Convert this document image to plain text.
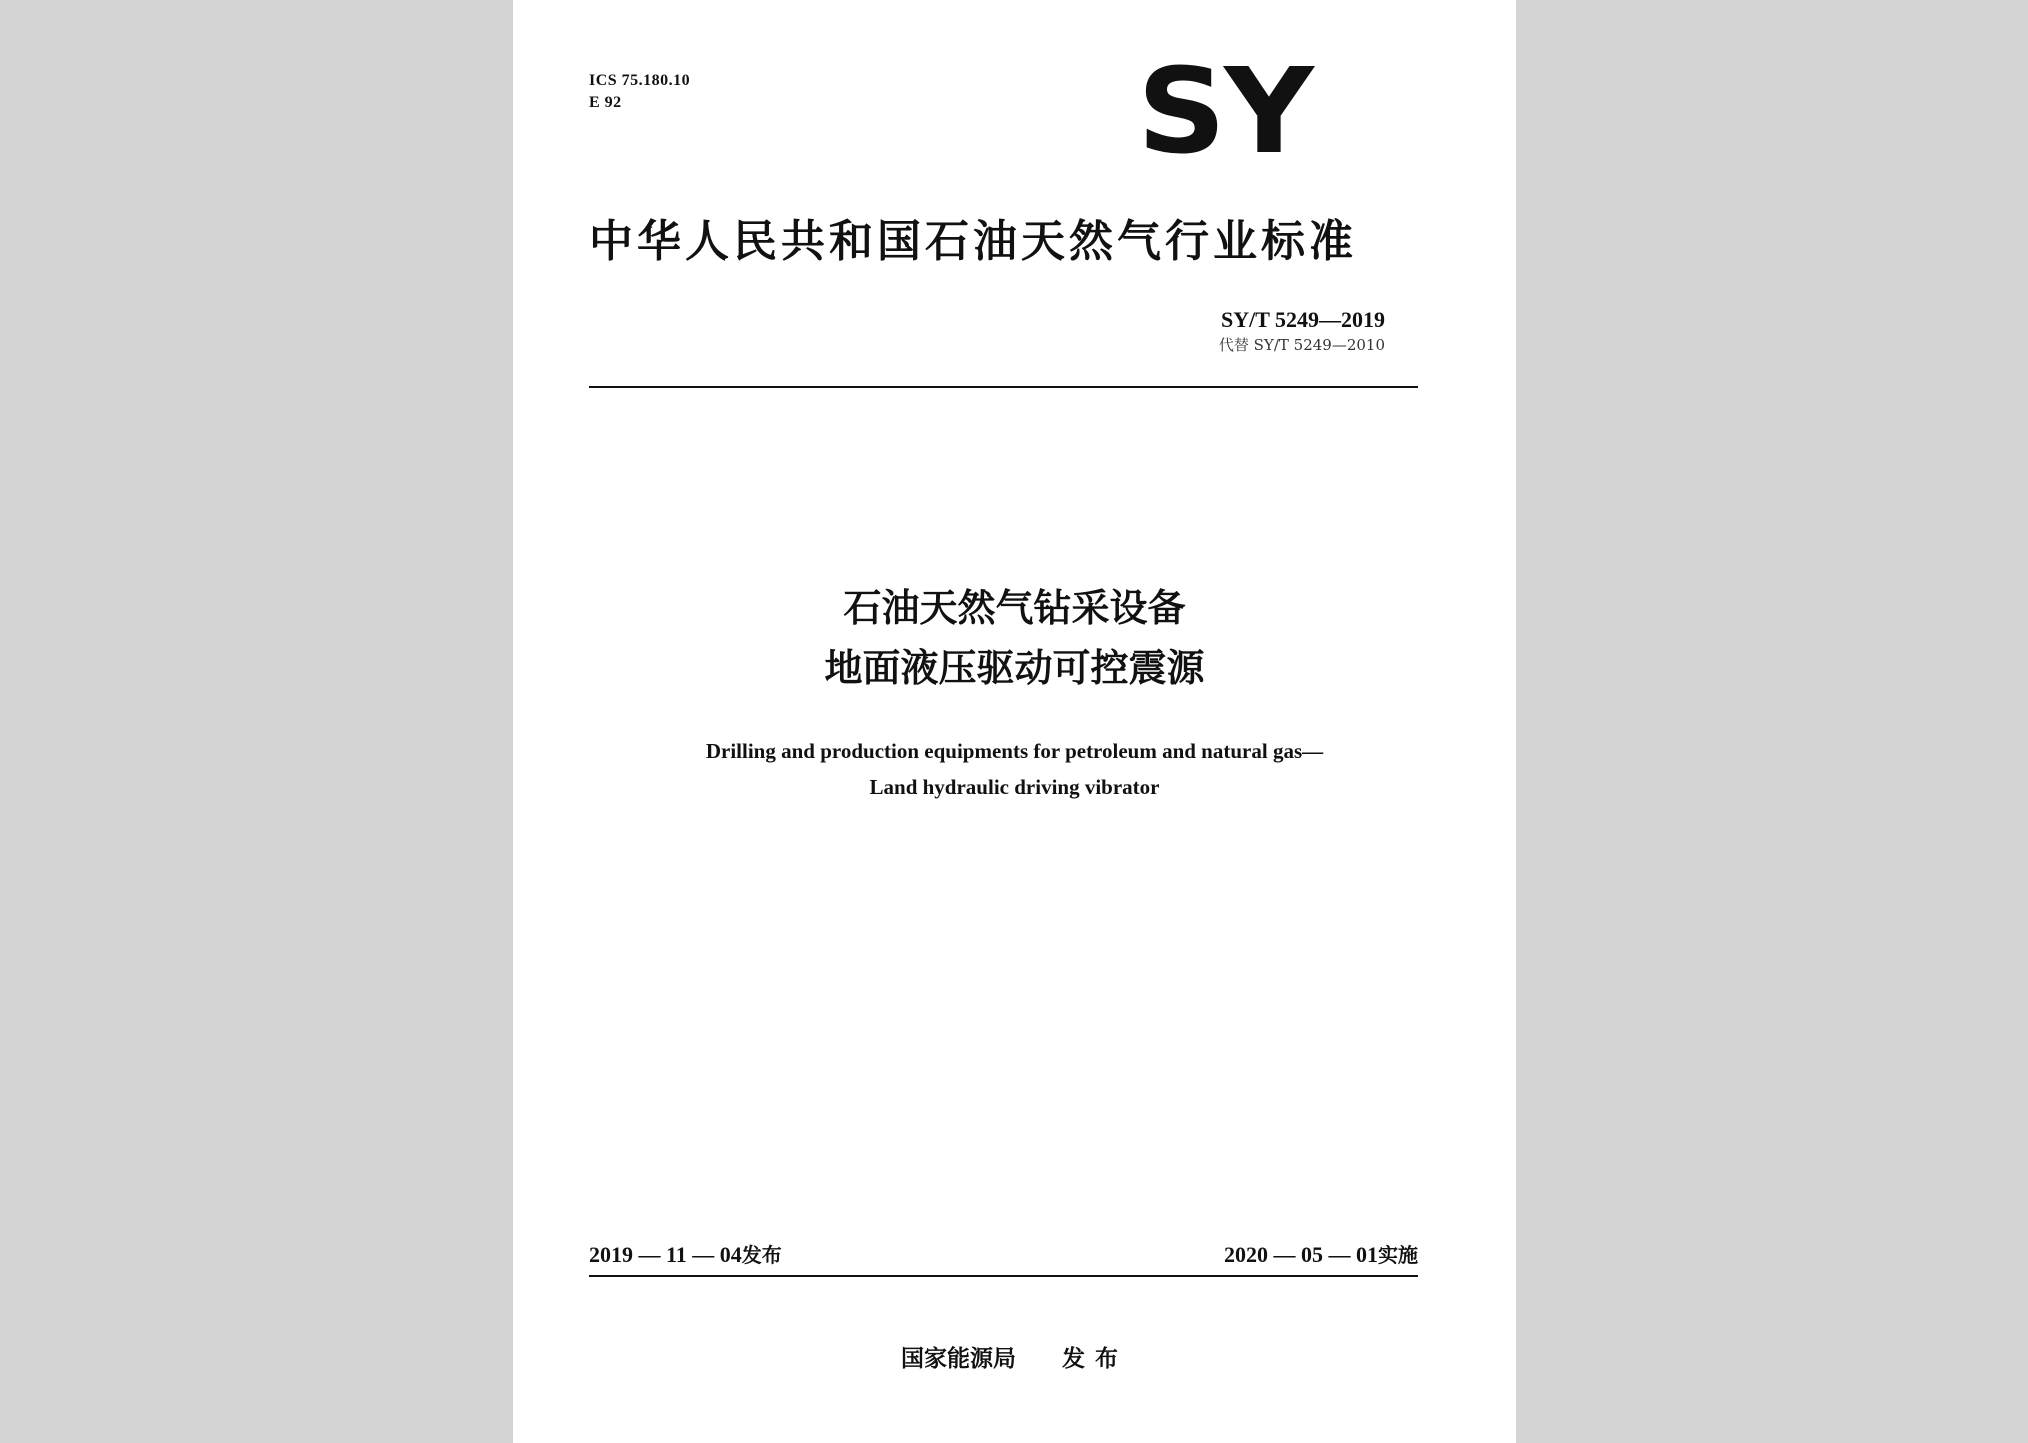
ICS 75.180.10
E 92	SY
中华人民共和国石油天然气行业标准
SY/T 5249—2019
代替 SY/T 5249—2010
石油天然气钻采设备
地面液压驱动可控震源
Drilling and production equipments for petroleum and natural gas—
Land hydraulic driving vibrator
2019 — 11 — 04发布	2020 — 05 — 01实施
国家能源局 发布
